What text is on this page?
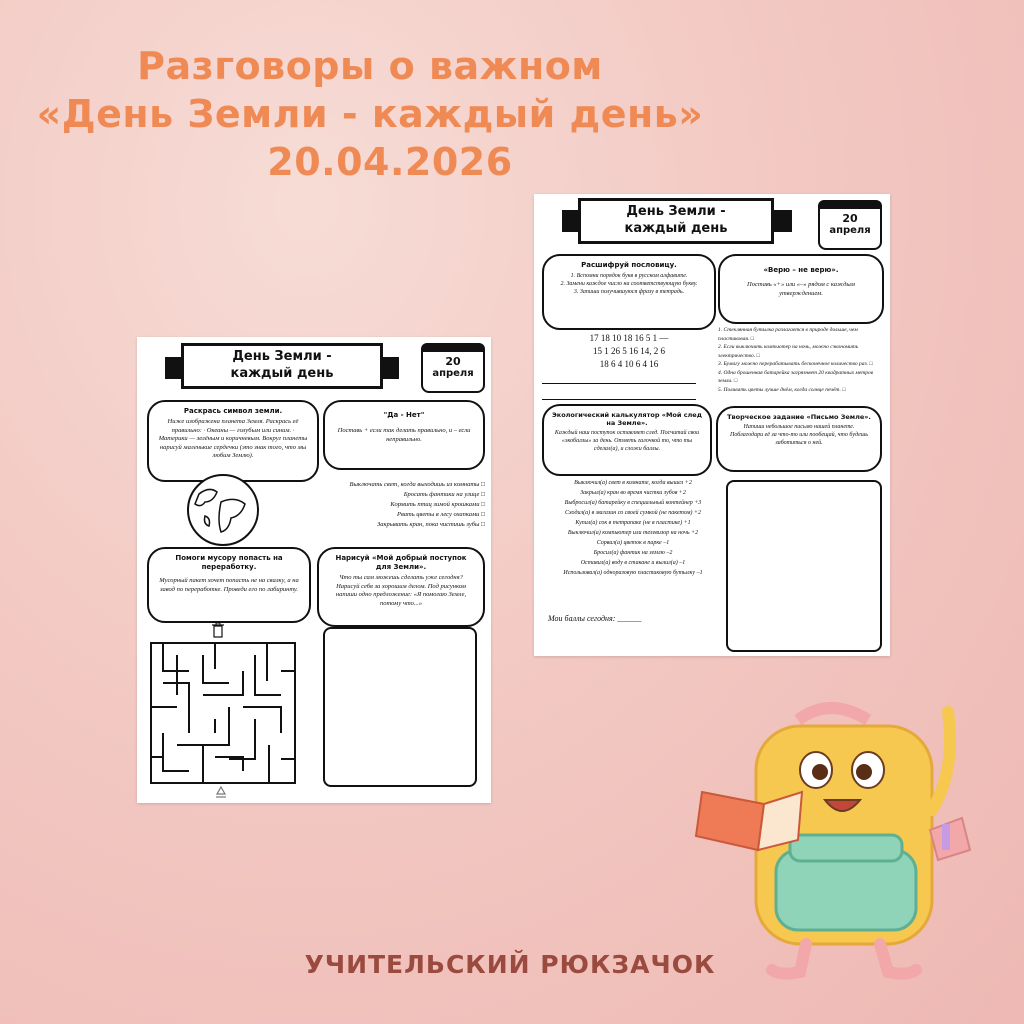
Разговоры о важном
«День Земли - каждый день»
20.04.2026
День Земли -
каждый день
20
апреля
Раскрась символ земли.
Ниже изображена планета Земля. Раскрась её правильно: · Океаны — голубым или синим. · Материки — зелёным и коричневым. Вокруг планеты нарисуй маленькие сердечки (это знак того, что мы любим Землю).
"Да - Нет"
Поставь + если так делать правильно, и – если неправильно.
Выключать свет, когда выходишь из комнаты □
Бросать фантики на улице □
Кормить птиц зимой крошками □
Рвать цветы в лесу охапками □
Закрывать кран, пока чистишь зубы □
Помоги мусору попасть на переработку.
Мусорный пакет хочет попасть не на свалку, а на завод по переработке. Проведи его по лабиринту.
Нарисуй «Мой добрый поступок для Земли».
Что ты сам можешь сделать уже сегодня? Нарисуй себя за хорошим делом. Под рисунком напиши одно предложение: «Я помогаю Земле, потому что...»
День Земли -
каждый день
20
апреля
Расшифруй пословицу.
1. Вспомни порядок букв в русском алфавите.
2. Замени каждое число на соответствующую букву.
3. Запиши получившуюся фразу в тетрадь.
«Верю – не верю».
Поставь «+» или «–» рядом с каждым утверждением.
17 18 10 18 16 5 1 —
15 1 26 5 16 14, 2 6
18 6 4 10 6 4 16
1. Стеклянная бутылка разлагается в природе дольше, чем пластиковая. □
2. Если выключить компьютер на ночь, можно сэкономить электричество. □
3. Бумагу можно перерабатывать бесконечное количество раз. □
4. Одна брошенная батарейка загрязняет 20 квадратных метров земли. □
5. Поливать цветы лучше днём, когда солнце печёт. □
Экологический калькулятор «Мой след на Земле».
Каждый наш поступок оставляет след. Посчитай свои «экобаллы» за день. Отметь галочкой то, что ты сделал(а), и сложи баллы.
Творческое задание «Письмо Земле».
Напиши небольшое письмо нашей планете. Поблагодари её за что-то или пообещай, что будешь заботиться о ней.
Выключил(а) свет в комнате, когда вышел +2
Закрыл(а) кран во время чистки зубов +2
Выбросил(а) батарейку в специальный контейнер +3
Сходил(а) в магазин со своей сумкой (не пакетом) +2
Купил(а) сок в тетрапаке (не в пластике) +1
Выключил(а) компьютер или телевизор на ночь +2
Сорвал(а) цветок в парке –1
Бросил(а) фантик на землю –2
Оставил(а) воду в стакане и вылил(а) –1
Использовал(а) одноразовую пластиковую бутылку –1
Мои баллы сегодня: ______
УЧИТЕЛЬСКИЙ РЮКЗАЧОК
